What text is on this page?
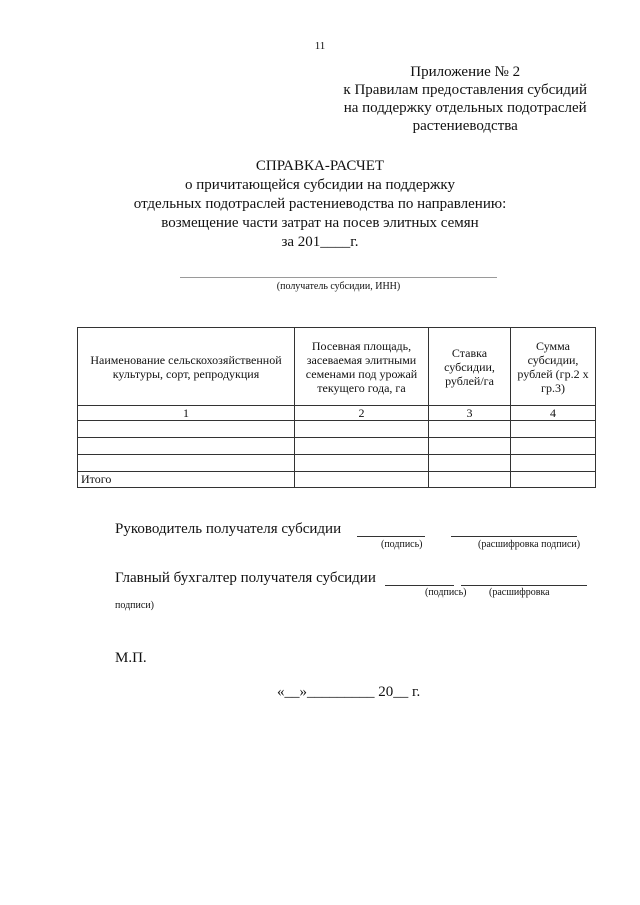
11
Приложение № 2
к Правилам предоставления субсидий
на поддержку отдельных подотраслей
растениеводства
СПРАВКА-РАСЧЕТ
о причитающейся субсидии на поддержку
отдельных подотраслей растениеводства по направлению:
возмещение части затрат на посев элитных семян
за 201____г.
(получатель субсидии, ИНН)
Наименование сельскохозяйственной культуры, сорт, репродукция	Посевная площадь, засеваемая элитными семенами под урожай текущего года, га	Ставка субсидии, рублей/га	Сумма субсидии, рублей (гр.2 х гр.3)
1	2	3	4

Итого			
Руководитель получателя субсидии
(подпись)	(расшифровка подписи)
Главный бухгалтер получателя субсидии
(подпись) (расшифровка
подписи)
М.П.
«__»_________ 20__ г.
